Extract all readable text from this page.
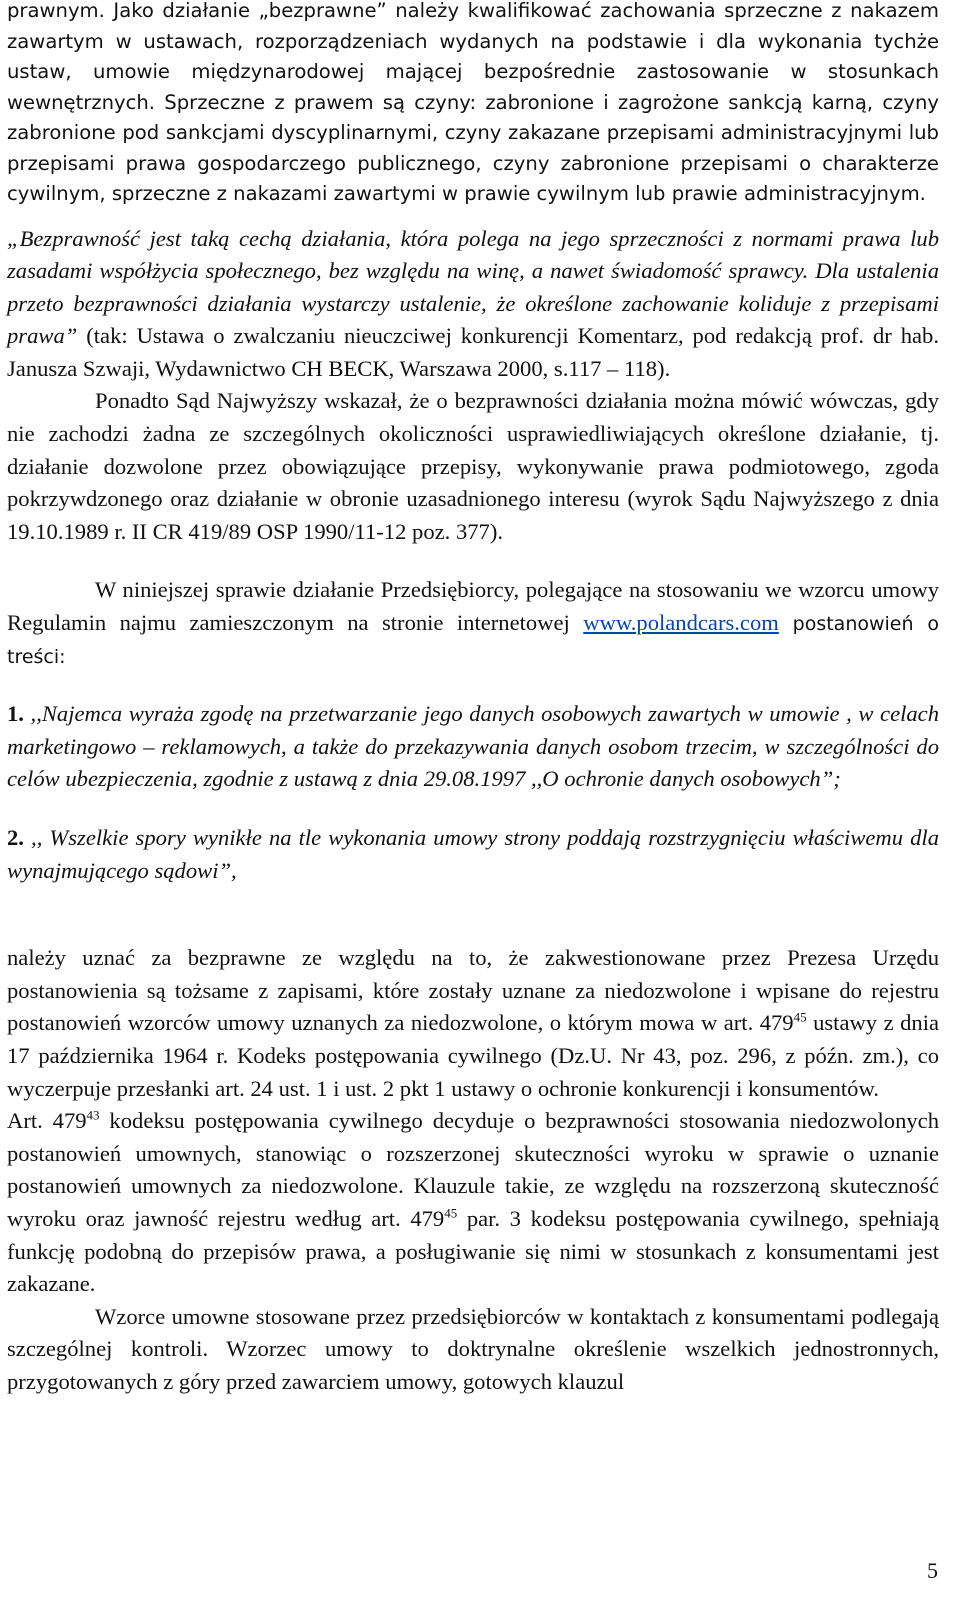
prawnym. Jako działanie „bezprawne” należy kwalifikować zachowania sprzeczne z nakazem zawartym w ustawach, rozporządzeniach wydanych na podstawie i dla wykonania tychże ustaw, umowie międzynarodowej mającej bezpośrednie zastosowanie w stosunkach wewnętrznych. Sprzeczne z prawem są czyny: zabronione i zagrożone sankcją karną, czyny zabronione pod sankcjami dyscyplinarnymi, czyny zakazane przepisami administracyjnymi lub przepisami prawa gospodarczego publicznego, czyny zabronione przepisami o charakterze cywilnym, sprzeczne z nakazami zawartymi w prawie cywilnym lub prawie administracyjnym.

„Bezprawność jest taką cechą działania, która polega na jego sprzeczności z normami prawa lub zasadami współżycia społecznego, bez względu na winę, a nawet świadomość sprawcy. Dla ustalenia przeto bezprawności działania wystarczy ustalenie, że określone zachowanie koliduje z przepisami prawa” (tak: Ustawa o zwalczaniu nieuczciwej konkurencji Komentarz, pod redakcją prof. dr hab. Janusza Szwaji, Wydawnictwo CH BECK, Warszawa 2000, s.117 – 118).

Ponadto Sąd Najwyższy wskazał, że o bezprawności działania można mówić wówczas, gdy nie zachodzi żadna ze szczególnych okoliczności usprawiedliwiających określone działanie, tj. działanie dozwolone przez obowiązujące przepisy, wykonywanie prawa podmiotowego, zgoda pokrzywdzonego oraz działanie w obronie uzasadnionego interesu (wyrok Sądu Najwyższego z dnia 19.10.1989 r. II CR 419/89 OSP 1990/11-12 poz. 377).

W niniejszej sprawie działanie Przedsiębiorcy, polegające na stosowaniu we wzorcu umowy Regulamin najmu zamieszczonym na stronie internetowej www.polandcars.com postanowień o treści:

1. ,,Najemca wyraża zgodę na przetwarzanie jego danych osobowych zawartych w umowie , w celach marketingowo – reklamowych, a także do przekazywania danych osobom trzecim, w szczególności do celów ubezpieczenia, zgodnie z ustawą z dnia 29.08.1997 ,,O ochronie danych osobowych”;

2. ,, Wszelkie spory wynikłe na tle wykonania umowy strony poddają rozstrzygnięciu właściwemu dla wynajmującego sądowi”,

należy uznać za bezprawne ze względu na to, że zakwestionowane przez Prezesa Urzędu postanowienia są tożsame z zapisami, które zostały uznane za niedozwolone i wpisane do rejestru postanowień wzorców umowy uznanych za niedozwolone, o którym mowa w art. $479^{45}$ ustawy z dnia 17 października 1964 r. Kodeks postępowania cywilnego (Dz.U. Nr 43, poz. 296, z późn. zm.), co wyczerpuje przesłanki art. 24 ust. 1 i ust. 2 pkt 1 ustawy o ochronie konkurencji i konsumentów.

Art. $479^{43}$ kodeksu postępowania cywilnego decyduje o bezprawności stosowania niedozwolonych postanowień umownych, stanowiąc o rozszerzonej skuteczności wyroku w sprawie o uznanie postanowień umownych za niedozwolone. Klauzule takie, ze względu na rozszerzoną skuteczność wyroku oraz jawność rejestru według art. $479^{45}$ par. 3 kodeksu postępowania cywilnego, spełniają funkcję podobną do przepisów prawa, a posługiwanie się nimi w stosunkach z konsumentami jest zakazane.

Wzorce umowne stosowane przez przedsiębiorców w kontaktach z konsumentami podlegają szczególnej kontroli. Wzorzec umowy to doktrynalne określenie wszelkich jednostronnych, przygotowanych z góry przed zawarciem umowy, gotowych klauzul

5
